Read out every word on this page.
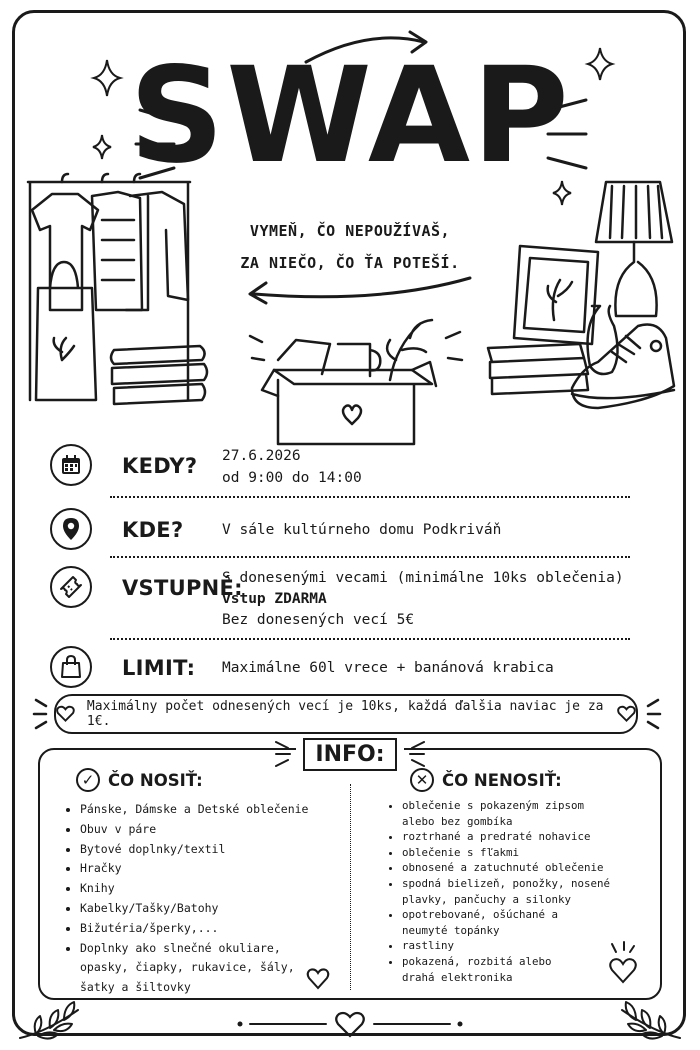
SWAP
VYMEŇ, ČO NEPOUŽÍVAŠ,
ZA NIEČO, ČO ŤA POTEŠÍ.
KEDY? 27.6.2026
od 9:00 do 14:00
KDE?	V sále kultúrneho domu Podkriváň
VSTUPNÉ:
S donesenými vecami (minimálne 10ks oblečenia)
vstup ZDARMA
Bez donesených vecí 5€
LIMIT: Maximálne 60l vrece + banánová krabica
Maximálny počet odnesených vecí je 10ks, každá ďalšia naviac je za 1€.
INFO:
✓ ČO NOSIŤ:
• Pánske, Dámske a Detské oblečenie
• Obuv v páre
• Bytové doplnky/textil
• Hračky
• Knihy
• Kabelky/Tašky/Batohy
• Bižutéria/šperky,...
• Doplnky ako slnečné okuliare, opasky, čiapky, rukavice, šály, šatky a šiltovky
✕ ČO NENOSIŤ:
• oblečenie s pokazeným zipsom alebo bez gombíka
• roztrhané a predraté nohavice
• oblečenie s fľakmi
• obnosené a zatuchnuté oblečenie
• spodná bielizeň, ponožky, nosené plavky, pančuchy a silonky
• opotrebované, ošúchané a neumyté topánky
• rastliny
• pokazená, rozbitá alebo drahá elektronika
